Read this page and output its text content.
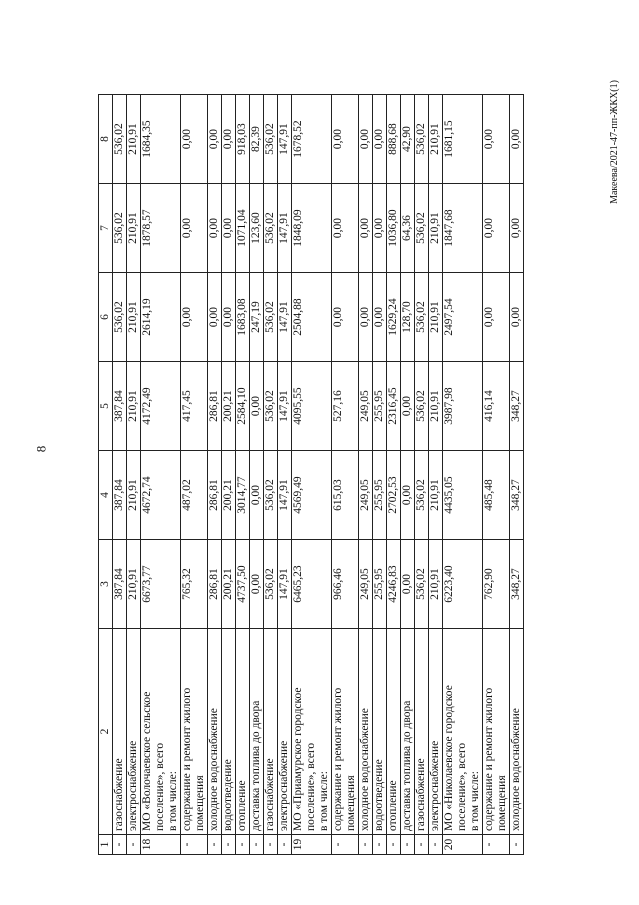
8
Макеева/2021-47-пп-ЖКХ(1)
1	2	3	4	5	6	7	8
-	газоснабжение	387,84	387,84	387,84	536,02	536,02	536,02
-	электроснабжение	210,91	210,91	210,91	210,91	210,91	210,91
18	МО «Волочаевское сельское поселение», всего в том числе:	6673,77	4672,74	4172,49	2614,19	1878,57	1684,35
-	содержание и ремонт жилого помещения	765,32	487,02	417,45	0,00	0,00	0,00
-	холодное водоснабжение	286,81	286,81	286,81	0,00	0,00	0,00
-	водоотведение	200,21	200,21	200,21	0,00	0,00	0,00
-	отопление	4737,50	3014,77	2584,10	1683,08	1071,04	918,03
-	доставка топлива до двора	0,00	0,00	0,00	247,19	123,60	82,39
-	газоснабжение	536,02	536,02	536,02	536,02	536,02	536,02
-	электроснабжение	147,91	147,91	147,91	147,91	147,91	147,91
19	МО «Приамурское городское поселение», всего в том числе:	6465,23	4569,49	4095,55	2504,88	1848,09	1678,52
-	содержание и ремонт жилого помещения	966,46	615,03	527,16	0,00	0,00	0,00
-	холодное водоснабжение	249,05	249,05	249,05	0,00	0,00	0,00
-	водоотведение	255,95	255,95	255,95	0,00	0,00	0,00
-	отопление	4246,83	2702,53	2316,45	1629,24	1036,80	888,68
-	доставка топлива до двора	0,00	0,00	0,00	128,70	64,36	42,90
-	газоснабжение	536,02	536,02	536,02	536,02	536,02	536,02
-	электроснабжение	210,91	210,91	210,91	210,91	210,91	210,91
20	МО «Николаевское городское поселение», всего в том числе:	6223,40	4435,05	3987,98	2497,54	1847,68	1681,15
-	содержание и ремонт жилого помещения	762,90	485,48	416,14	0,00	0,00	0,00
-	холодное водоснабжение	348,27	348,27	348,27	0,00	0,00	0,00
